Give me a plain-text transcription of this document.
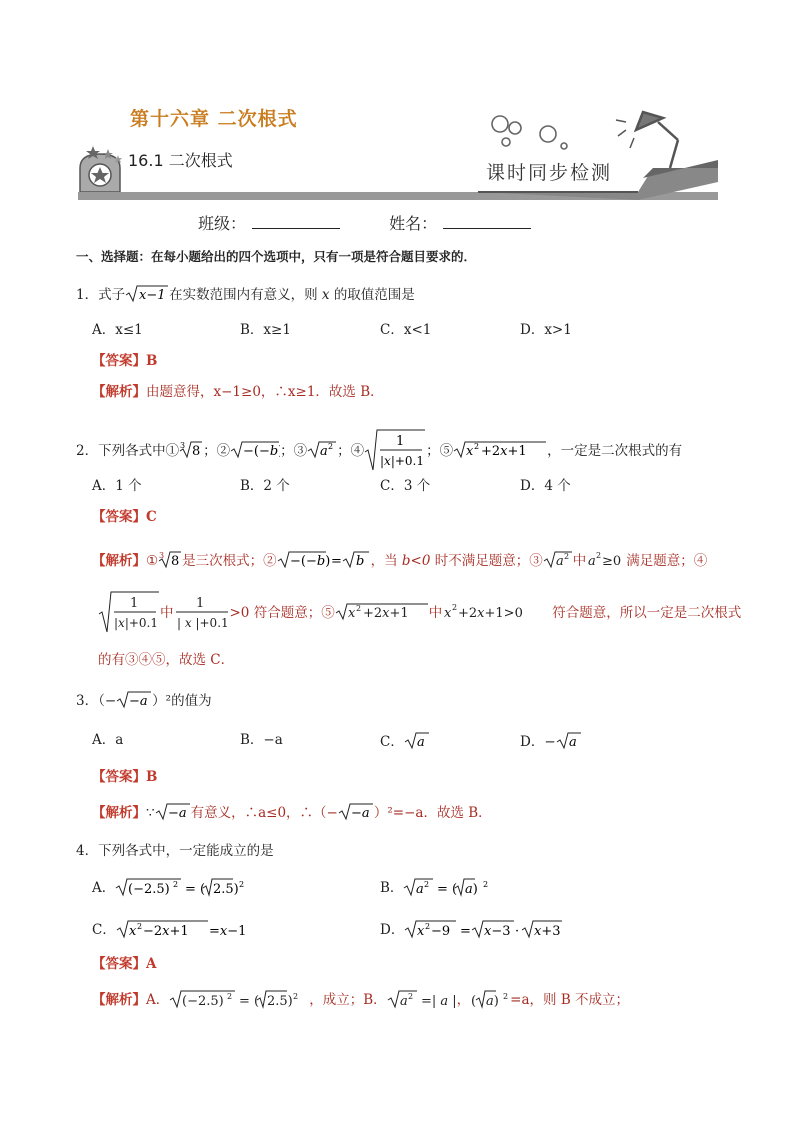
第十六章 二次根式
16.1 二次根式
课时同步检测
班级：	姓名：
一、选择题：在每小题给出的四个选项中，只有一项是符合题目要求的．
1．式子 x−1 在实数范围内有意义，则 x 的取值范围是
A．x≤1	B．x≥1	C．x<1	D．x>1
【答案】B
【解析】由题意得，x−1≥0，∴x≥1．故选 B．
2．下列各式中① 3 8 ；② −(−b ；③ a 2 ；④
1
|x|+0.1
；⑤ x 2 +2x+1 ，一定是二次根式的有
A．1 个	B．2 个	C．3 个	D．4 个
【答案】C
【解析】① 3 8 是三次根式；② −(−b) = b ，当 b<0 时不满足题意；③ a 2 中 a 2 ≥0 满足题意；④
1
|x|+0.1
中
1
| x |+0.1
>0 符合题意；⑤ x 2 +2x+1 中 x 2 +2x+1>0 符合题意，所以一定是二次根式
的有③④⑤，故选 C．
3．（− −a ）²的值为
A．a	B．−a	C． a	D．− a
【答案】B
【解析】∵ −a 有意义，∴a≤0，∴（− −a ）²=−a．故选 B．
4．下列各式中，一定能成立的是
A． (−2.5) 2 = ( 2.5) 2	B． a 2 = ( a) 2
C． x 2 −2x+1 =x−1	D． x 2 −9 = x−3 · x+3
【答案】A
【解析】A． (−2.5) 2 = ( 2.5) 2 ，成立；B． a 2 =| a | ， ( a) 2 =a，则 B 不成立；
